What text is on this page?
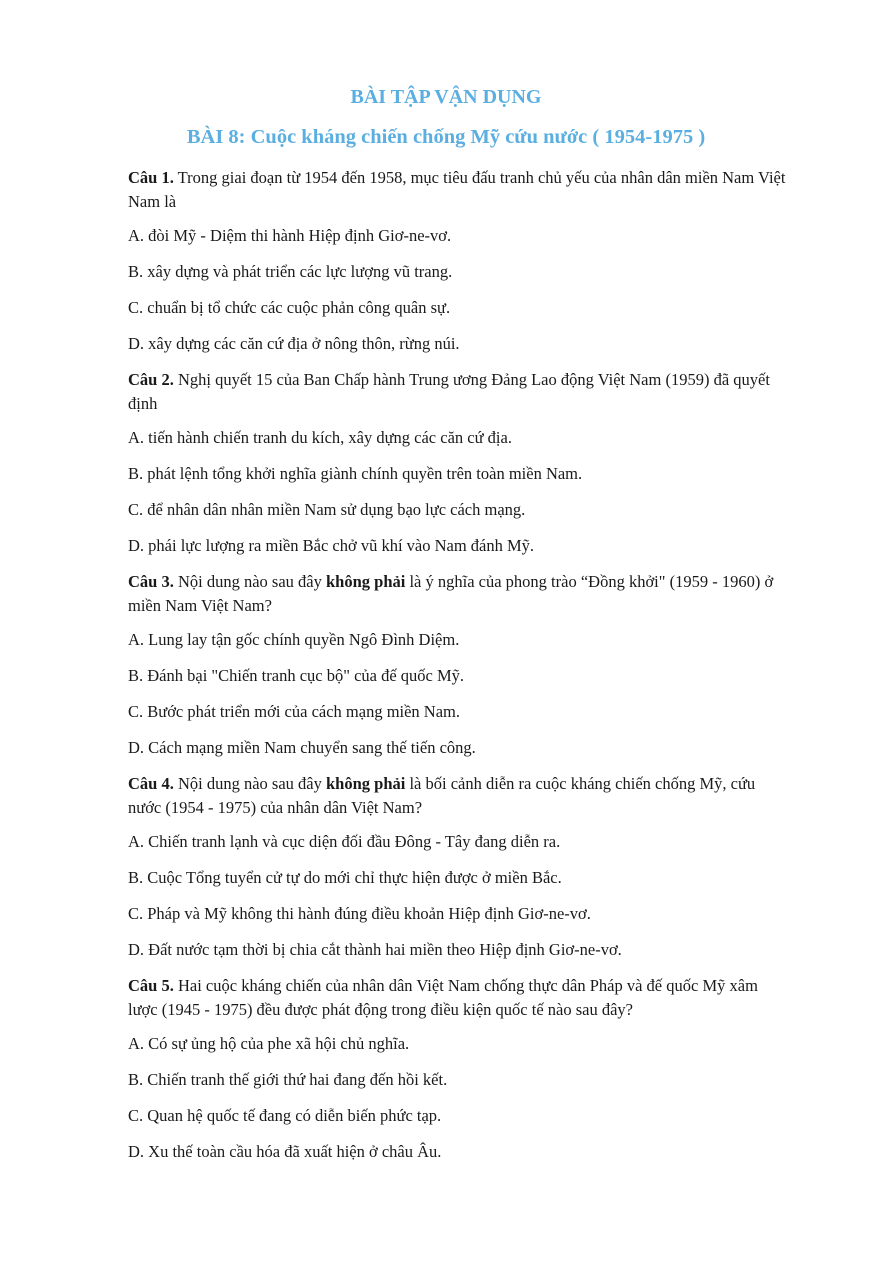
BÀI TẬP VẬN DỤNG
BÀI 8: Cuộc kháng chiến chống Mỹ cứu nước ( 1954-1975 )

Câu 1. Trong giai đoạn từ 1954 đến 1958, mục tiêu đấu tranh chủ yếu của nhân dân miền Nam Việt Nam là

A. đòi Mỹ - Diệm thi hành Hiệp định Giơ-ne-vơ.

B. xây dựng và phát triển các lực lượng vũ trang.

C. chuẩn bị tổ chức các cuộc phản công quân sự.

D. xây dựng các căn cứ địa ở nông thôn, rừng núi.

Câu 2. Nghị quyết 15 của Ban Chấp hành Trung ương Đảng Lao động Việt Nam (1959) đã quyết định

A. tiến hành chiến tranh du kích, xây dựng các căn cứ địa.

B. phát lệnh tổng khởi nghĩa giành chính quyền trên toàn miền Nam.

C. để nhân dân nhân miền Nam sử dụng bạo lực cách mạng.

D. phái lực lượng ra miền Bắc chở vũ khí vào Nam đánh Mỹ.

Câu 3. Nội dung nào sau đây không phải là ý nghĩa của phong trào “Đồng khởi" (1959 - 1960) ở miền Nam Việt Nam?

A. Lung lay tận gốc chính quyền Ngô Đình Diệm.

B. Đánh bại "Chiến tranh cục bộ" của đế quốc Mỹ.

C. Bước phát triển mới của cách mạng miền Nam.

D. Cách mạng miền Nam chuyển sang thế tiến công.

Câu 4. Nội dung nào sau đây không phải là bối cảnh diễn ra cuộc kháng chiến chống Mỹ, cứu nước (1954 - 1975) của nhân dân Việt Nam?

A. Chiến tranh lạnh và cục diện đối đầu Đông - Tây đang diễn ra.

B. Cuộc Tổng tuyển cử tự do mới chỉ thực hiện được ở miền Bắc.

C. Pháp và Mỹ không thi hành đúng điều khoản Hiệp định Giơ-ne-vơ.

D. Đất nước tạm thời bị chia cắt thành hai miền theo Hiệp định Giơ-ne-vơ.

Câu 5. Hai cuộc kháng chiến của nhân dân Việt Nam chống thực dân Pháp và đế quốc Mỹ xâm lược (1945 - 1975) đều được phát động trong điều kiện quốc tế nào sau đây?

A. Có sự ủng hộ của phe xã hội chủ nghĩa.

B. Chiến tranh thế giới thứ hai đang đến hồi kết.

C. Quan hệ quốc tế đang có diễn biến phức tạp.

D. Xu thế toàn cầu hóa đã xuất hiện ở châu Âu.
